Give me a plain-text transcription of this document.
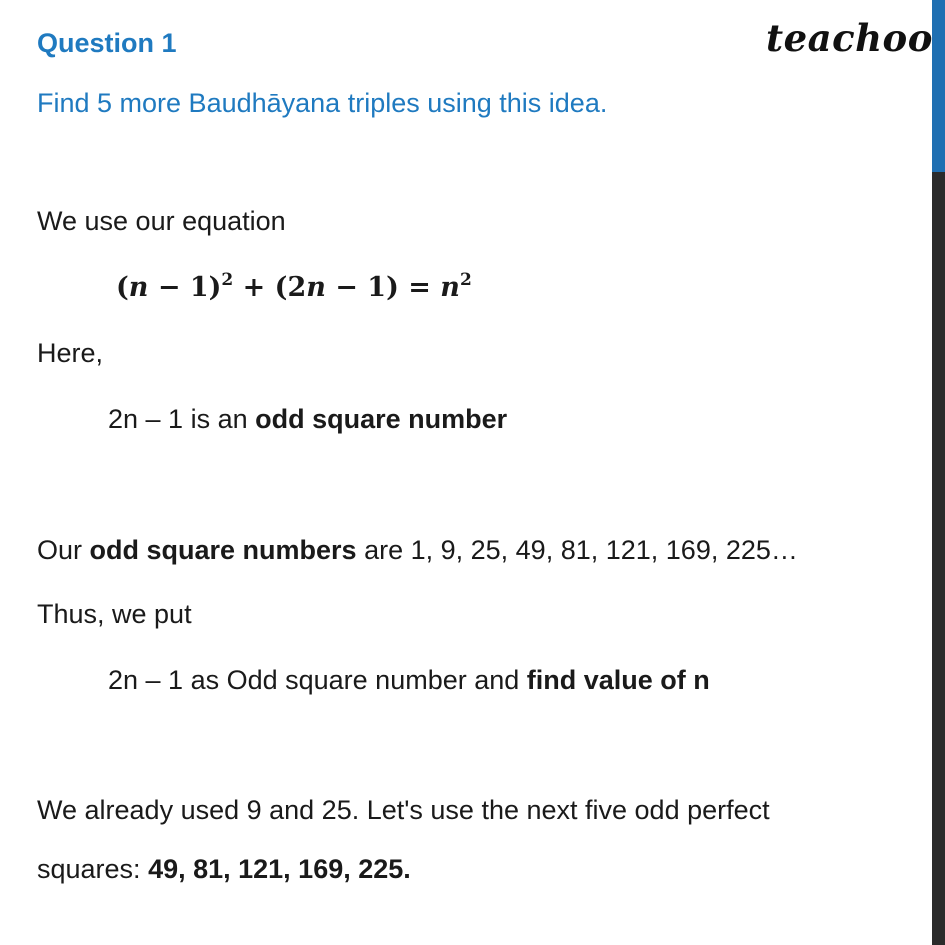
Question 1	teachoo
Find 5 more Baudhāyana triples using this idea.
We use our equation
$(n - 1)^2 + (2n - 1) = n^2$
Here,
2n – 1 is an odd square number
Our odd square numbers are 1, 9, 25, 49, 81, 121, 169, 225…
Thus, we put
2n – 1 as Odd square number and find value of n
We already used 9 and 25. Let's use the next five odd perfect
squares: 49, 81, 121, 169, 225.
